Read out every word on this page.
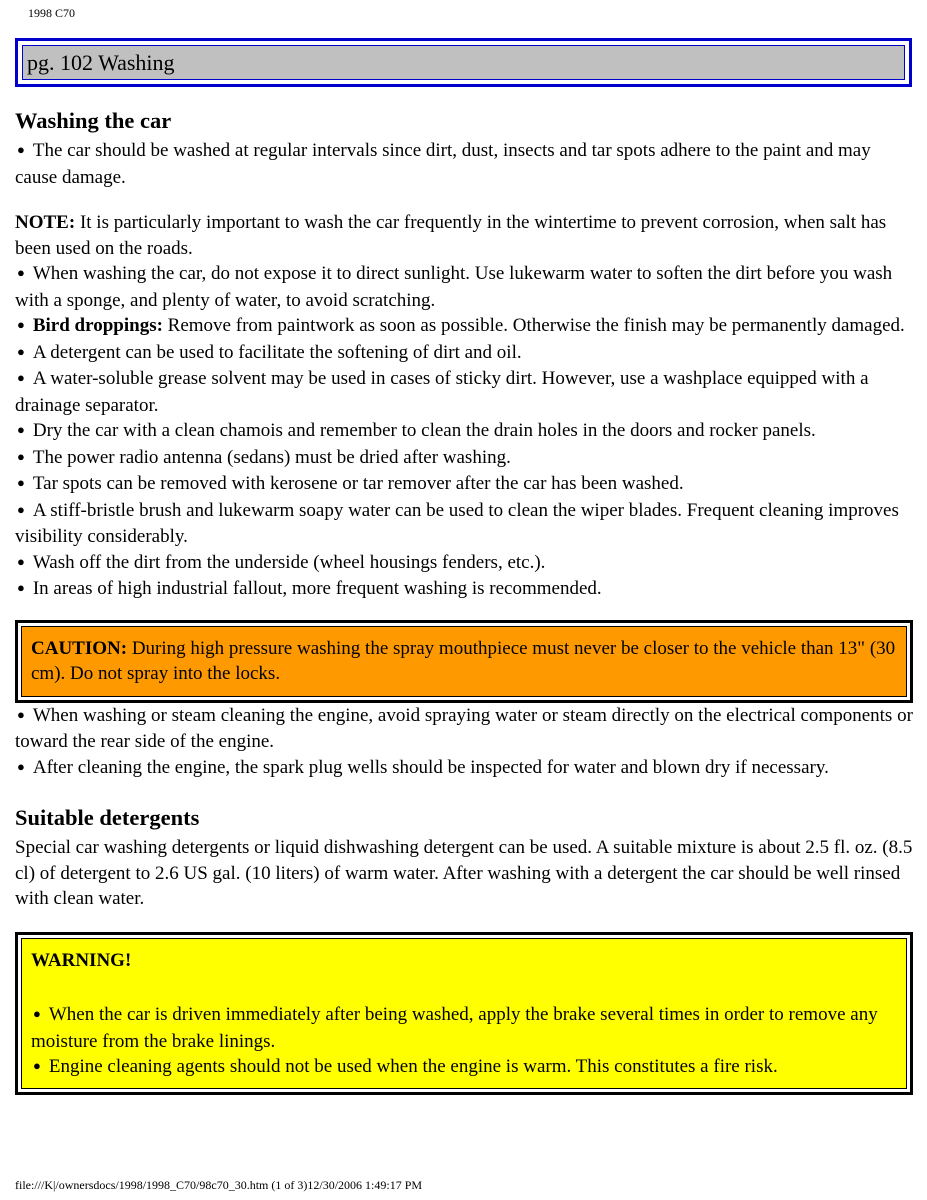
1998 C70
pg. 102 Washing
Washing the car

● The car should be washed at regular intervals since dirt, dust, insects and tar spots adhere to the paint and may cause damage.

NOTE: It is particularly important to wash the car frequently in the wintertime to prevent corrosion, when salt has been used on the roads.

● When washing the car, do not expose it to direct sunlight. Use lukewarm water to soften the dirt before you wash with a sponge, and plenty of water, to avoid scratching.

● Bird droppings: Remove from paintwork as soon as possible. Otherwise the finish may be permanently damaged.

● A detergent can be used to facilitate the softening of dirt and oil.

● A water-soluble grease solvent may be used in cases of sticky dirt. However, use a washplace equipped with a drainage separator.

● Dry the car with a clean chamois and remember to clean the drain holes in the doors and rocker panels.

● The power radio antenna (sedans) must be dried after washing.

● Tar spots can be removed with kerosene or tar remover after the car has been washed.

● A stiff-bristle brush and lukewarm soapy water can be used to clean the wiper blades. Frequent cleaning improves visibility considerably.

● Wash off the dirt from the underside (wheel housings fenders, etc.).

● In areas of high industrial fallout, more frequent washing is recommended.

CAUTION: During high pressure washing the spray mouthpiece must never be closer to the vehicle than 13" (30 cm). Do not spray into the locks.

● When washing or steam cleaning the engine, avoid spraying water or steam directly on the electrical components or toward the rear side of the engine.

● After cleaning the engine, the spark plug wells should be inspected for water and blown dry if necessary.

Suitable detergents

Special car washing detergents or liquid dishwashing detergent can be used. A suitable mixture is about 2.5 fl. oz. (8.5 cl) of detergent to 2.6 US gal. (10 liters) of warm water. After washing with a detergent the car should be well rinsed with clean water.

WARNING!

● When the car is driven immediately after being washed, apply the brake several times in order to remove any moisture from the brake linings.

● Engine cleaning agents should not be used when the engine is warm. This constitutes a fire risk.

file:///K|/ownersdocs/1998/1998_C70/98c70_30.htm (1 of 3)12/30/2006 1:49:17 PM
